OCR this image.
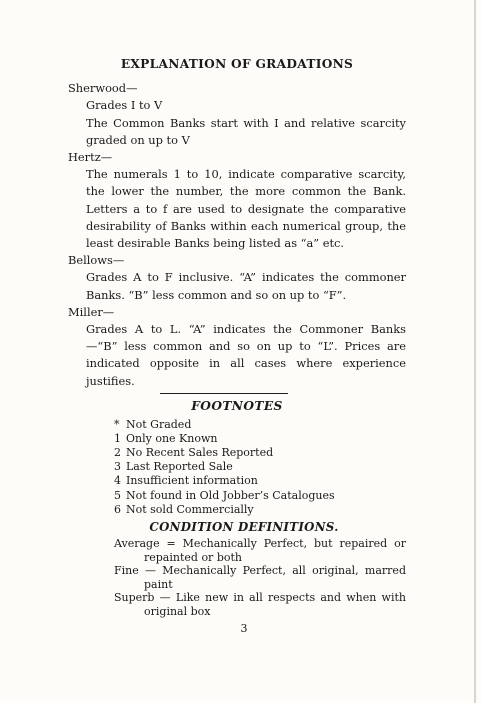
EXPLANATION OF GRADATIONS

Sherwood—

Grades I to V

The Common Banks start with I and relative scarcity graded on up to V

Hertz—

The numerals 1 to 10, indicate comparative scarcity, the lower the number, the more common the Bank. Letters a to f are used to designate the comparative desirability of Banks within each numerical group, the least desirable Banks being listed as “a” etc.

Bellows—

Grades A to F inclusive. “A” indicates the commoner Banks. “B” less common and so on up to “F”.

Miller—

Grades A to L. “A” indicates the Commoner Banks —“B” less common and so on up to “L”. Prices are indicated opposite in all cases where experience justifies.

FOOTNOTES
* Not Graded
1 Only one Known
2 No Recent Sales Reported
3 Last Reported Sale
4 Insufficient information
5 Not found in Old Jobber’s Catalogues
6 Not sold Commercially
CONDITION DEFINITIONS.

Average = Mechanically Perfect, but repaired or repainted or both

Fine — Mechanically Perfect, all original, marred paint

Superb — Like new in all respects and when with original box

3
